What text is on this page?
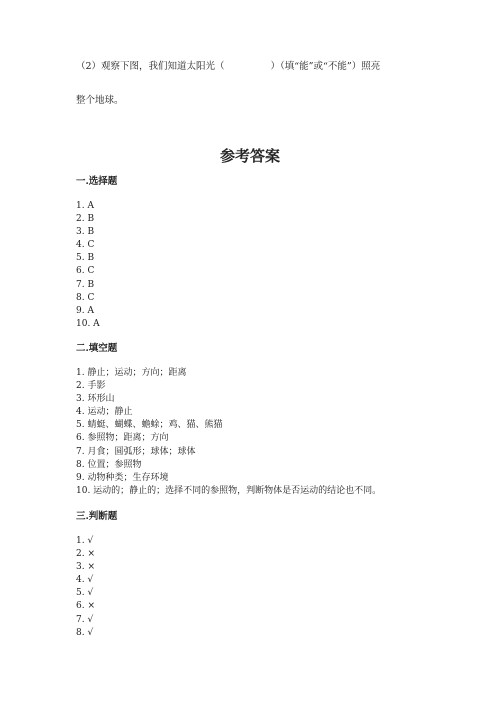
（2）观察下图，我们知道太阳光（	）（填“能”或“不能”）照亮
整个地球。
参考答案
一.选择题
1. A
2. B
3. B
4. C
5. B
6. C
7. B
8. C
9. A
10. A
二.填空题
1. 静止；运动；方向；距离
2. 手影
3. 环形山
4. 运动；静止
5. 蜻蜓、蝴蝶、蟾蜍；鸡、猫、熊猫
6. 参照物；距离；方向
7. 月食；圆弧形；球体；球体
8. 位置；参照物
9. 动物种类；生存环境
10. 运动的；静止的；选择不同的参照物，判断物体是否运动的结论也不同。
三.判断题
1. √
2. ×
3. ×
4. √
5. √
6. ×
7. √
8. √
